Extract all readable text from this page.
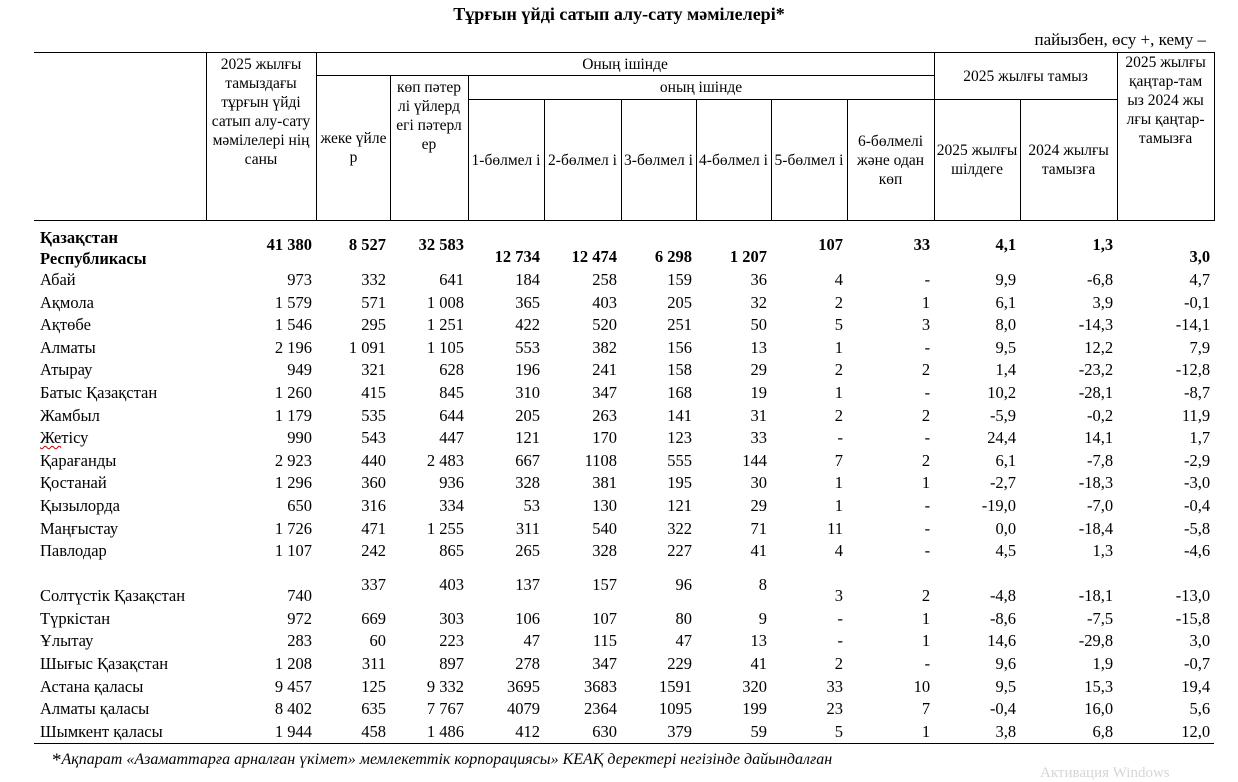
Тұрғын үйді сатып алу-сату мәмілелері*
пайызбен, өсу +, кему –
	2025 жылғы тамыздағы тұрғын үйді сатып алу-сату мәмілелері нің саны	Оның ішінде								2025 жылғы тамыз		2025 жылғы қаңтар-тамыз 2024 жылғы қаңтар-тамызға
		жеке үйлер	көп пәтерлі үйлерд егі пәтерл ер	оның ішінде								
				1-бөлмел і	2-бөлмел і	3-бөлмел і	4-бөлмел і	5-бөлмел і	6-бөлмелі және одан көп	2025 жылғы шілдеге	2024 жылғы тамызға	
Қазақстан Республикасы	41 380	8 527	32 583	12 734	12 474	6 298	1 207	107	33	4,1	1,3	3,0
Абай	973	332	641	184	258	159	36	4	-	9,9	-6,8	4,7
Ақмола	1 579	571	1 008	365	403	205	32	2	1	6,1	3,9	-0,1
Ақтөбе	1 546	295	1 251	422	520	251	50	5	3	8,0	-14,3	-14,1
Алматы	2 196	1 091	1 105	553	382	156	13	1	-	9,5	12,2	7,9
Атырау	949	321	628	196	241	158	29	2	2	1,4	-23,2	-12,8
Батыс Қазақстан	1 260	415	845	310	347	168	19	1	-	10,2	-28,1	-8,7
Жамбыл	1 179	535	644	205	263	141	31	2	2	-5,9	-0,2	11,9
Жетісу	990	543	447	121	170	123	33	-	-	24,4	14,1	1,7
Қарағанды	2 923	440	2 483	667	1108	555	144	7	2	6,1	-7,8	-2,9
Қостанай	1 296	360	936	328	381	195	30	1	1	-2,7	-18,3	-3,0
Қызылорда	650	316	334	53	130	121	29	1	-	-19,0	-7,0	-0,4
Маңғыстау	1 726	471	1 255	311	540	322	71	11	-	0,0	-18,4	-5,8
Павлодар	1 107	242	865	265	328	227	41	4	-	4,5	1,3	-4,6
Солтүстік Қазақстан	740	337	403	137	157	96	8	3	2	-4,8	-18,1	-13,0
Түркістан	972	669	303	106	107	80	9	-	1	-8,6	-7,5	-15,8
Ұлытау	283	60	223	47	115	47	13	-	1	14,6	-29,8	3,0
Шығыс Қазақстан	1 208	311	897	278	347	229	41	2	-	9,6	1,9	-0,7
Астана қаласы	9 457	125	9 332	3695	3683	1591	320	33	10	9,5	15,3	19,4
Алматы қаласы	8 402	635	7 767	4079	2364	1095	199	23	7	-0,4	16,0	5,6
Шымкент қаласы	1 944	458	1 486	412	630	379	59	5	1	3,8	6,8	12,0
*Ақпарат «Азаматтарға арналған үкімет» мемлекеттік корпорациясы» КЕАҚ деректері негізінде дайындалған
Активация Windows
